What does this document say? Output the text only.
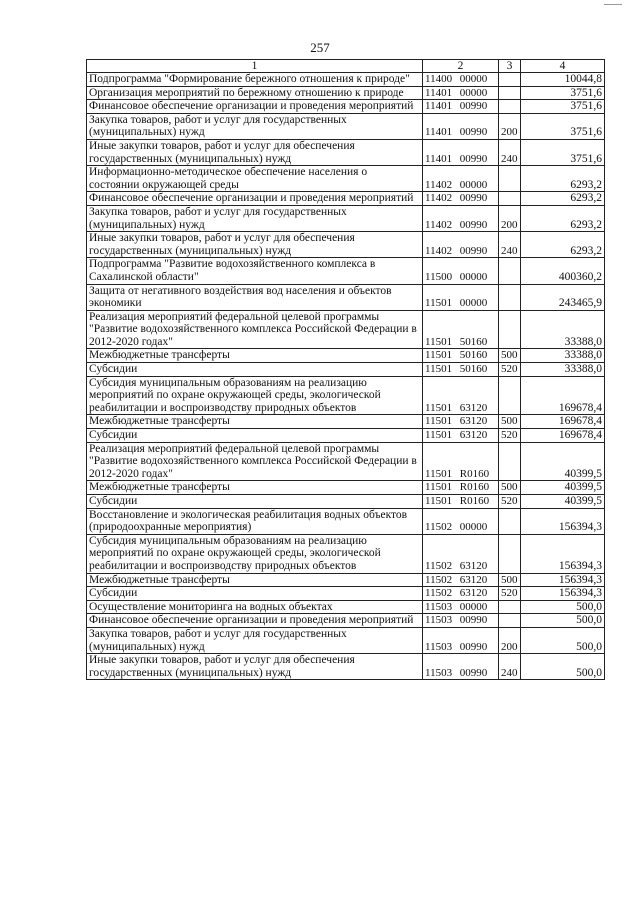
257
1	2	3	4
Подпрограмма "Формирование бережного отношения к природе"	11400 00000		10044,8
Организация мероприятий по бережному отношению к природе	11401 00000		3751,6
Финансовое обеспечение организации и проведения мероприятий	11401 00990		3751,6
Закупка товаров, работ и услуг для государственных (муниципальных) нужд	11401 00990	200	3751,6
Иные закупки товаров, работ и услуг для обеспечения государственных (муниципальных) нужд	11401 00990	240	3751,6
Информационно-методическое обеспечение населения о состоянии окружающей среды	11402 00000		6293,2
Финансовое обеспечение организации и проведения мероприятий	11402 00990		6293,2
Закупка товаров, работ и услуг для государственных (муниципальных) нужд	11402 00990	200	6293,2
Иные закупки товаров, работ и услуг для обеспечения государственных (муниципальных) нужд	11402 00990	240	6293,2
Подпрограмма "Развитие водохозяйственного комплекса в Сахалинской области"	11500 00000		400360,2
Защита от негативного воздействия вод населения и объектов экономики	11501 00000		243465,9
Реализация мероприятий федеральной целевой программы "Развитие водохозяйственного комплекса Российской Федерации в 2012-2020 годах"	11501 50160		33388,0
Межбюджетные трансферты	11501 50160	500	33388,0
Субсидии	11501 50160	520	33388,0
Субсидия муниципальным образованиям на реализацию мероприятий по охране окружающей среды, экологической реабилитации и воспроизводству природных объектов	11501 63120		169678,4
Межбюджетные трансферты	11501 63120	500	169678,4
Субсидии	11501 63120	520	169678,4
Реализация мероприятий федеральной целевой программы "Развитие водохозяйственного комплекса Российской Федерации в 2012-2020 годах"	11501 R0160		40399,5
Межбюджетные трансферты	11501 R0160	500	40399,5
Субсидии	11501 R0160	520	40399,5
Восстановление и экологическая реабилитация водных объектов (природоохранные мероприятия)	11502 00000		156394,3
Субсидия муниципальным образованиям на реализацию мероприятий по охране окружающей среды, экологической реабилитации и воспроизводству природных объектов	11502 63120		156394,3
Межбюджетные трансферты	11502 63120	500	156394,3
Субсидии	11502 63120	520	156394,3
Осуществление мониторинга на водных объектах	11503 00000		500,0
Финансовое обеспечение организации и проведения мероприятий	11503 00990		500,0
Закупка товаров, работ и услуг для государственных (муниципальных) нужд	11503 00990	200	500,0
Иные закупки товаров, работ и услуг для обеспечения государственных (муниципальных) нужд	11503 00990	240	500,0
